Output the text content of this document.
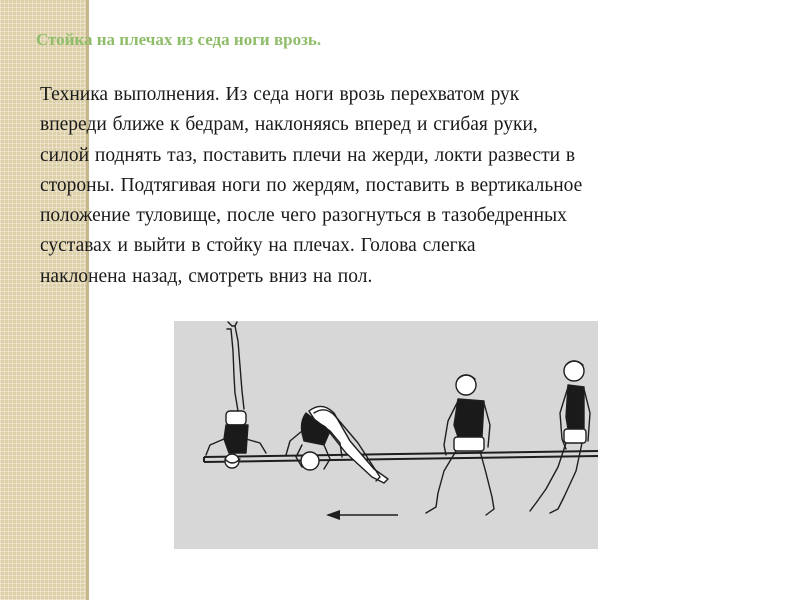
Стойка на плечах из седа ноги врозь.

Техника выполнения. Из седа ноги врозь перехватом рук
впереди ближе к бедрам, наклоняясь вперед и сгибая руки,
силой поднять таз, поставить плечи на жерди, локти развести в
стороны. Подтягивая ноги по жердям, поставить в вертикальное
положение туловище, после чего разогнуться в тазобедренных
суставах и выйти в стойку на плечах. Голова слегка
наклонена назад, смотреть вниз на пол.
